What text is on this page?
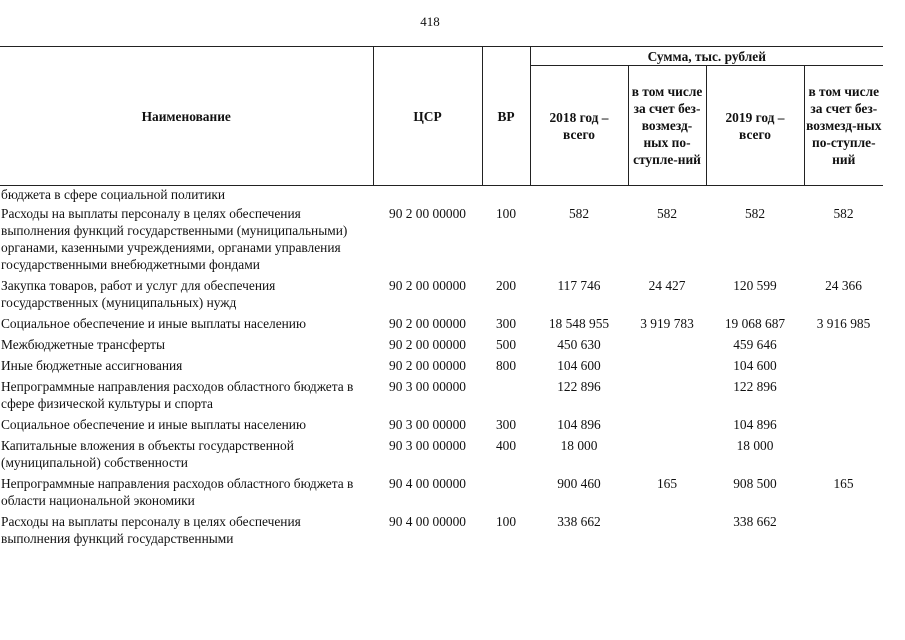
418
Наименование	ЦСР	ВР	Сумма, тыс. рублей			
			2018 год – всего	в том числе за счет без-возмезд-ных по-ступле-ний	2019 год – всего	в том числе за счет без-возмезд-ных по-ступле-ний
бюджета в сфере социальной политики						
Расходы на выплаты персоналу в целях обеспечения выполнения функций государственными (муниципальными) органами, казенными учреждениями, органами управления государственными внебюджетными фондами	90 2 00 00000	100	582	582	582	582
Закупка товаров, работ и услуг для обеспечения государственных (муниципальных) нужд	90 2 00 00000	200	117 746	24 427	120 599	24 366
Социальное обеспечение и иные выплаты населению	90 2 00 00000	300	18 548 955	3 919 783	19 068 687	3 916 985
Межбюджетные трансферты	90 2 00 00000	500	450 630		459 646	
Иные бюджетные ассигнования	90 2 00 00000	800	104 600		104 600	
Непрограммные направления расходов областного бюджета в сфере физической культуры и спорта	90 3 00 00000		122 896		122 896	
Социальное обеспечение и иные выплаты населению	90 3 00 00000	300	104 896		104 896	
Капитальные вложения в объекты государственной (муниципальной) собственности	90 3 00 00000	400	18 000		18 000	
Непрограммные направления расходов областного бюджета в области национальной экономики	90 4 00 00000		900 460	165	908 500	165
Расходы на выплаты персоналу в целях обеспечения выполнения функций государственными	90 4 00 00000	100	338 662		338 662	
